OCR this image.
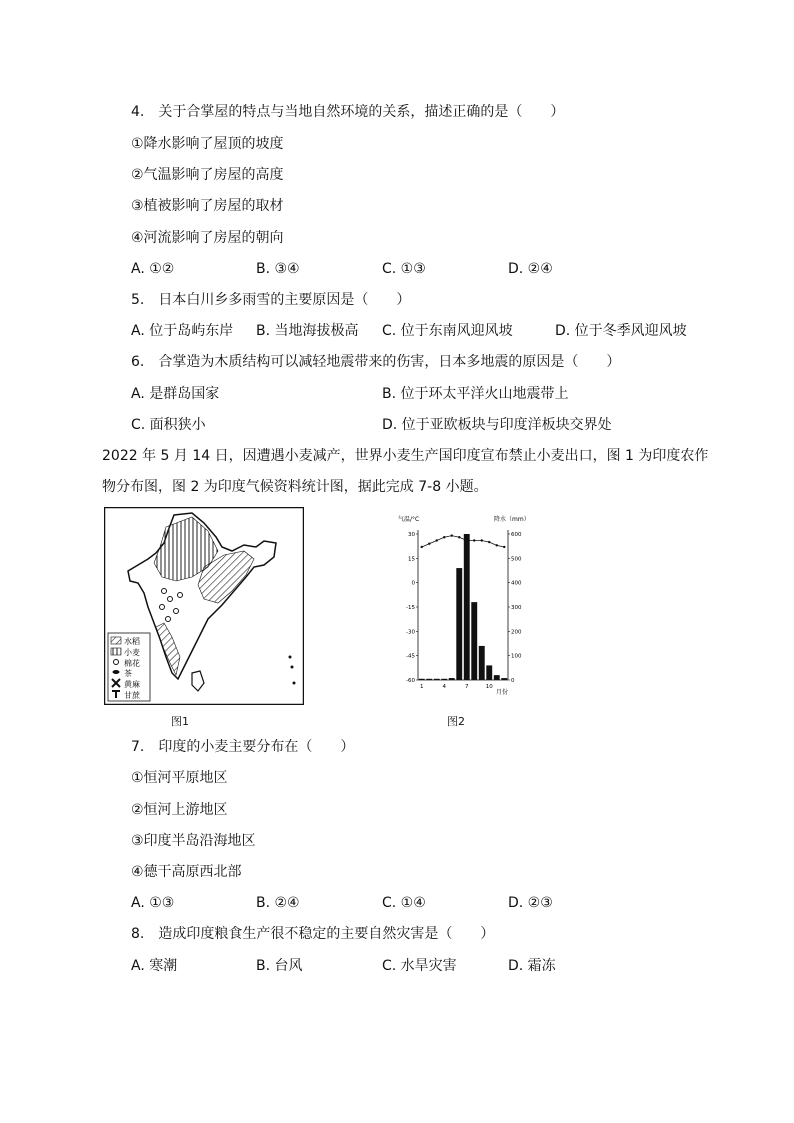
4.　关于合掌屋的特点与当地自然环境的关系，描述正确的是（　　）
①降水影响了屋顶的坡度
②气温影响了房屋的高度
③植被影响了房屋的取材
④河流影响了房屋的朝向
A. ①②	B. ③④	C. ①③	D. ②④
5.　日本白川乡多雨雪的主要原因是（　　）
A. 位于岛屿东岸 B. 当地海拔极高 C. 位于东南风迎风坡	D. 位于冬季风迎风坡
6.　合掌造为木质结构可以减轻地震带来的伤害，日本多地震的原因是（　　）
A. 是群岛国家	B. 位于环太平洋火山地震带上
C. 面积狭小	D. 位于亚欧板块与印度洋板块交界处
2022 年 5 月 14 日，因遭遇小麦减产，世界小麦生产国印度宣布禁止小麦出口，图 1 为印度农作
物分布图，图 2 为印度气候资料统计图，据此完成 7-8 小题。
水稻
小麦
棉花
茶
黄麻
甘蔗
图1
气温/°C	降水（mm）
30
15
0
-15
-30
-45
-60
600
500
400
300
200
100
0
1	4	7	10
月份
图2
7.　印度的小麦主要分布在（　　）
①恒河平原地区
②恒河上游地区
③印度半岛沿海地区
④德干高原西北部
A. ①③	B. ②④	C. ①④	D. ②③
8.　造成印度粮食生产很不稳定的主要自然灾害是（　　）
A. 寒潮	B. 台风	C. 水旱灾害	D. 霜冻
